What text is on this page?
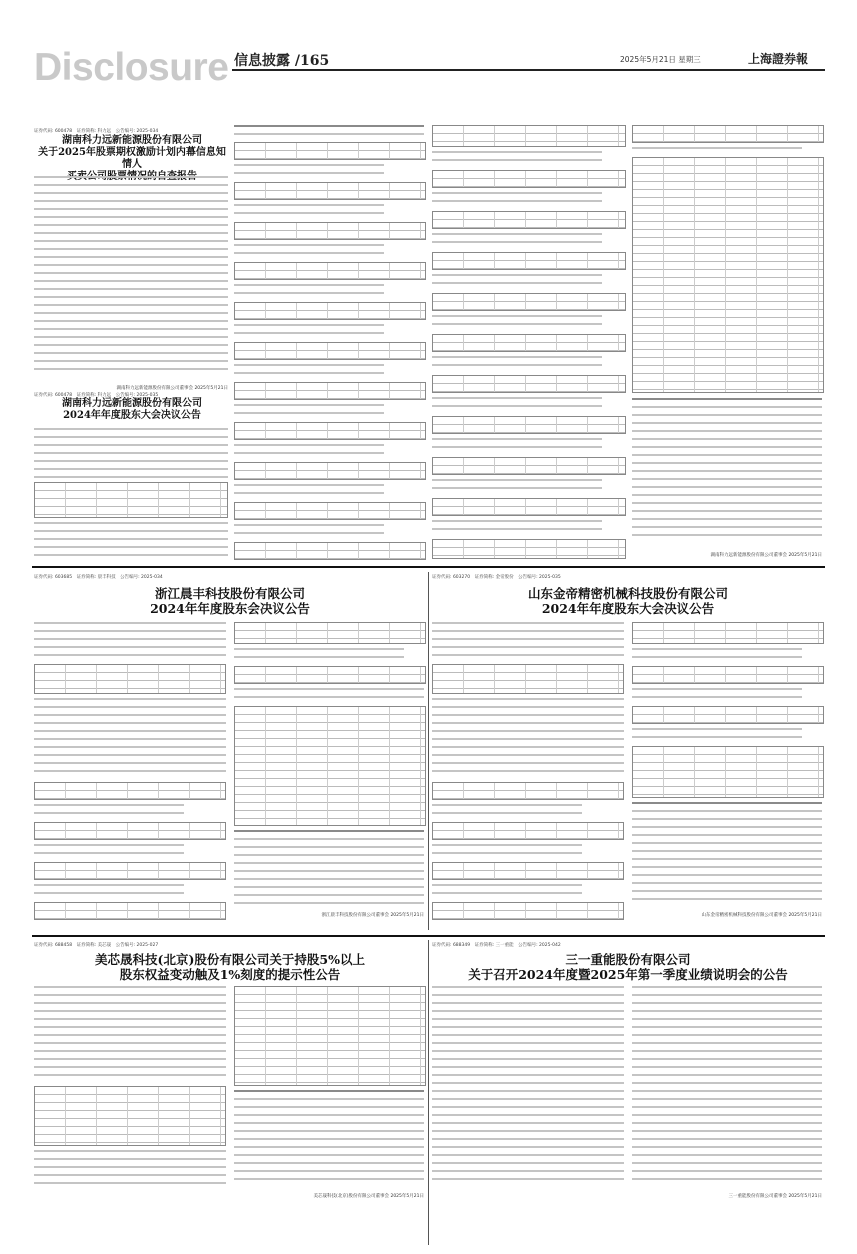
Disclosure 信息披露 /165	2025年5月21日 星期三	上海證券報
证券代码: 600478　证券简称: 科力远　公告编号: 2025-034
湖南科力远新能源股份有限公司
关于2025年股票期权激励计划内幕信息知情人
湖南科力远新能源股份有限公司董事会 2025年5月21日
证券代码: 600478　证券简称: 科力远　公告编号: 2025-035
湖南科力远新能源股份有限公司
2024年年度股东大会决议公告
湖南科力远新能源股份有限公司董事会 2025年5月21日
证券代码: 603685　证券简称: 晨丰科技　公告编号: 2025-034
浙江晨丰科技股份有限公司
2024年年度股东会决议公告
浙江晨丰科技股份有限公司董事会 2025年5月21日
证券代码: 603270　证券简称: 金帝股份　公告编号: 2025-035
山东金帝精密机械科技股份有限公司
2024年年度股东大会决议公告
山东金帝精密机械科技股份有限公司董事会 2025年5月21日
证券代码: 688458　证券简称: 美芯晟　公告编号: 2025-027
美芯晟科技(北京)股份有限公司关于持股5%以上
股东权益变动触及1%刻度的提示性公告
美芯晟科技(北京)股份有限公司董事会 2025年5月21日
证券代码: 688349　证券简称: 三一重能　公告编号: 2025-042
三一重能股份有限公司
关于召开2024年度暨2025年第一季度业绩说明会的公告
三一重能股份有限公司董事会 2025年5月21日
